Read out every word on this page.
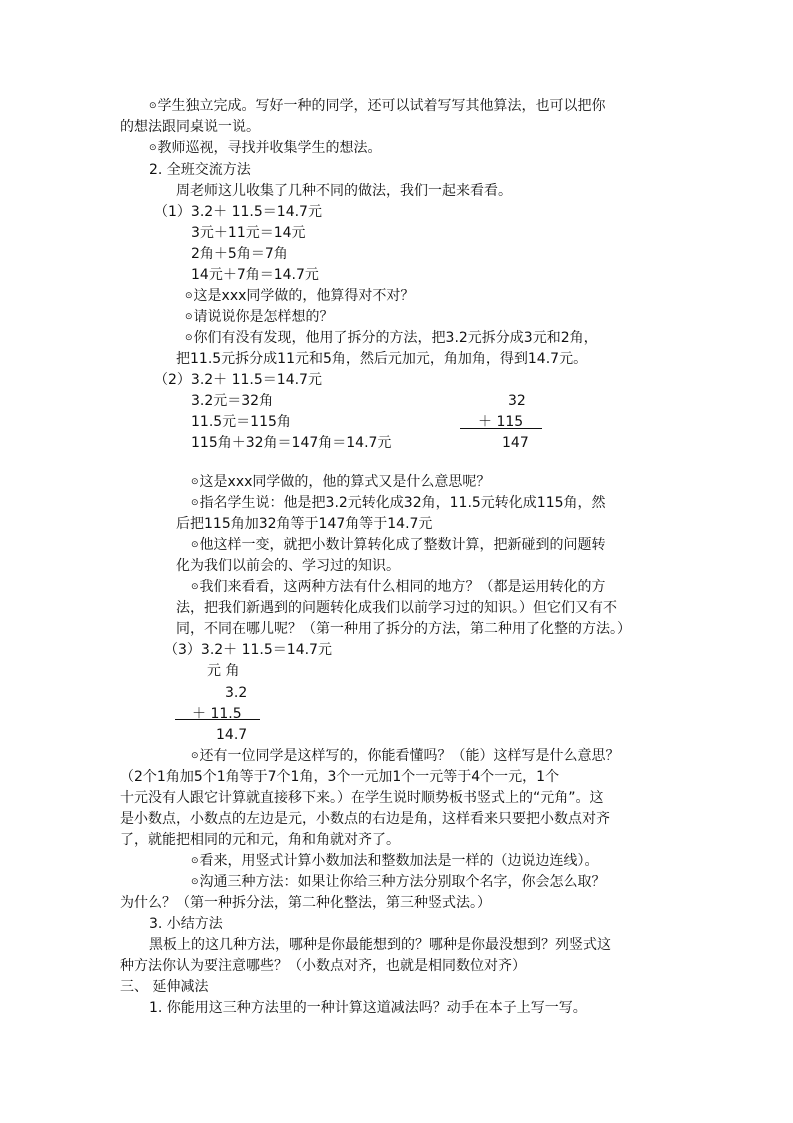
⊙学生独立完成。写好一种的同学，还可以试着写写其他算法，也可以把你
的想法跟同桌说一说。
⊙教师巡视，寻找并收集学生的想法。
2. 全班交流方法
周老师这儿收集了几种不同的做法，我们一起来看看。
（1）3.2＋ 11.5＝14.7元
3元＋11元＝14元
2角＋5角＝7角
14元＋7角＝14.7元
⊙这是xxx同学做的，他算得对不对？
⊙请说说你是怎样想的？
⊙你们有没有发现，他用了拆分的方法，把3.2元拆分成3元和2角，
把11.5元拆分成11元和5角，然后元加元，角加角，得到14.7元。
（2）3.2＋ 11.5＝14.7元
3.2元＝32角
11.5元＝115角
115角＋32角＝147角＝14.7元
32
＋ 115
147
⊙这是xxx同学做的，他的算式又是什么意思呢？
⊙指名学生说：他是把3.2元转化成32角，11.5元转化成115角，然
后把115角加32角等于147角等于14.7元
⊙他这样一变，就把小数计算转化成了整数计算，把新碰到的问题转
化为我们以前会的、学习过的知识。
⊙我们来看看，这两种方法有什么相同的地方？（都是运用转化的方
法，把我们新遇到的问题转化成我们以前学习过的知识。）但它们又有不
同，不同在哪儿呢？（第一种用了拆分的方法，第二种用了化整的方法。）
（3）3.2＋ 11.5＝14.7元
元 角
3.2
＋ 11.5
14.7
⊙还有一位同学是这样写的，你能看懂吗？（能）这样写是什么意思？
（2个1角加5个1角等于7个1角，3个一元加1个一元等于4个一元，1个
十元没有人跟它计算就直接移下来。）在学生说时顺势板书竖式上的“元角”。这
是小数点，小数点的左边是元，小数点的右边是角，这样看来只要把小数点对齐
了，就能把相同的元和元，角和角就对齐了。
⊙看来，用竖式计算小数加法和整数加法是一样的（边说边连线）。
⊙沟通三种方法：如果让你给三种方法分别取个名字，你会怎么取？
为什么？（第一种拆分法，第二种化整法，第三种竖式法。）
3. 小结方法
黑板上的这几种方法，哪种是你最能想到的？哪种是你最没想到？列竖式这
种方法你认为要注意哪些？（小数点对齐，也就是相同数位对齐）
三、 延伸减法
1. 你能用这三种方法里的一种计算这道减法吗？动手在本子上写一写。
